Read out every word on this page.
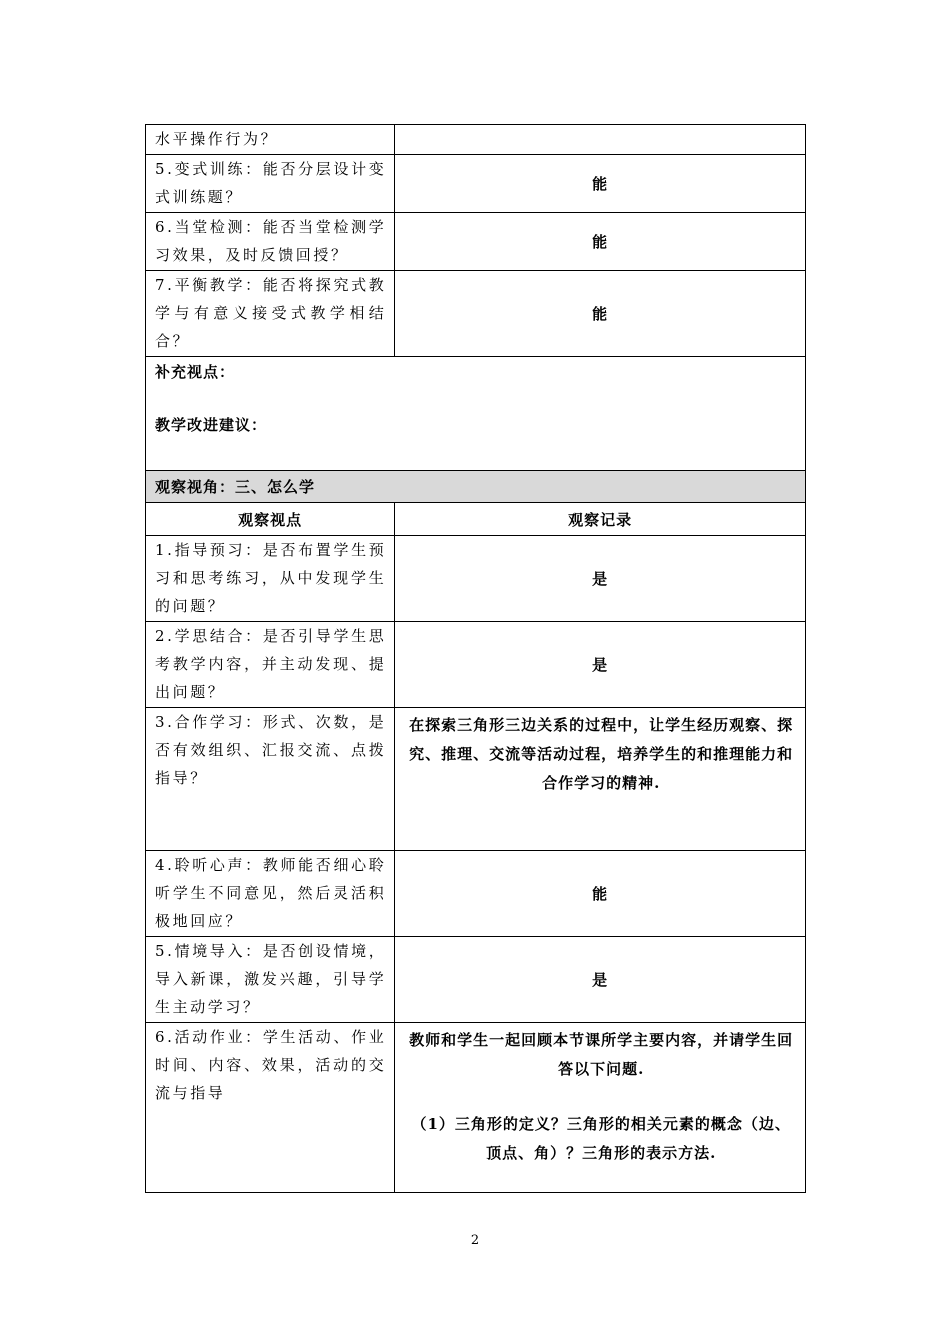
水平操作行为？	
5.变式训练：能否分层设计变式训练题？	能
6.当堂检测：能否当堂检测学习效果，及时反馈回授？	能
7.平衡教学：能否将探究式教学与有意义接受式教学相结合？	能

补充视点：
教学改进建议：	

观察视角：三、怎么学	
观察视点	观察记录
1.指导预习：是否布置学生预习和思考练习，从中发现学生的问题？	是
2.学思结合：是否引导学生思考教学内容，并主动发现、提出问题？	是
3.合作学习：形式、次数，是否有效组织、汇报交流、点拨指导？	在探索三角形三边关系的过程中，让学生经历观察、探究、推理、交流等活动过程，培养学生的和推理能力和合作学习的精神.
4.聆听心声：教师能否细心聆听学生不同意见，然后灵活积极地回应？	能
5.情境导入：是否创设情境，导入新课，激发兴趣，引导学生主动学习？	是
6.活动作业：学生活动、作业时间、内容、效果，活动的交流与指导	教师和学生一起回顾本节课所学主要内容，并请学生回答以下问题.

（1）三角形的定义？三角形的相关元素的概念（边、顶点、角）？三角形的表示方法.

2
